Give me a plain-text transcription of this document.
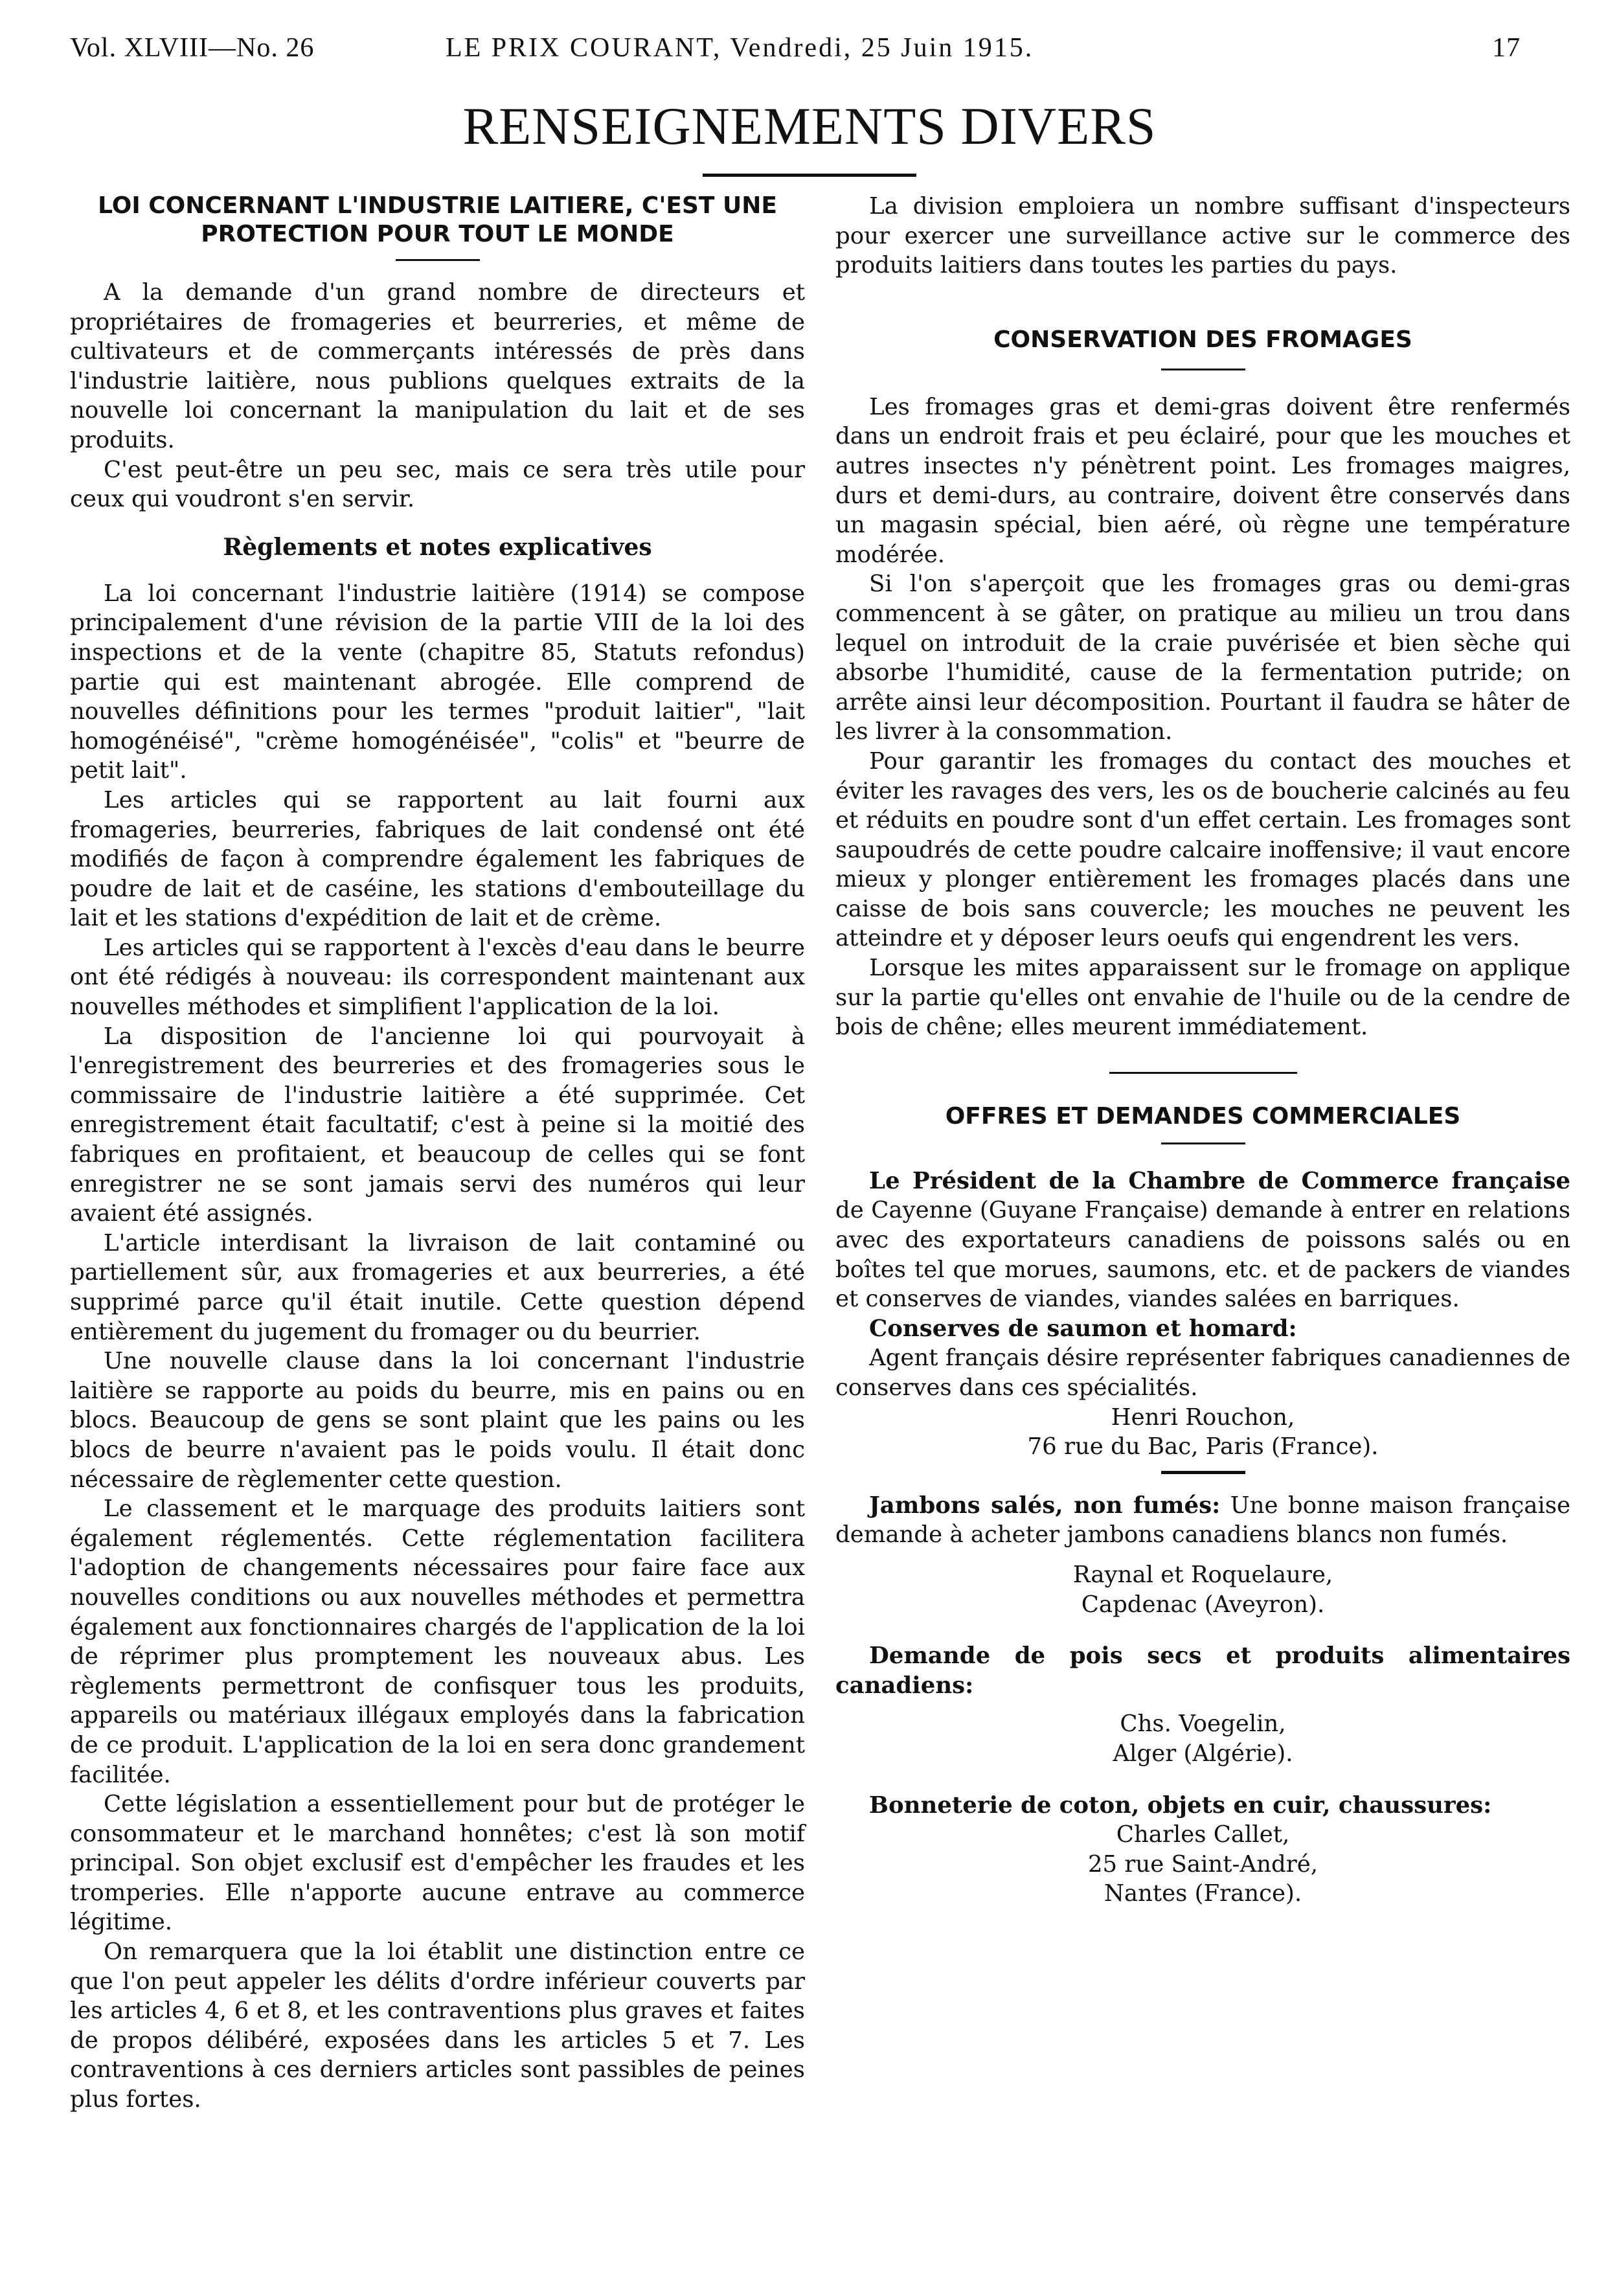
Vol. XLVIII—No. 26	LE PRIX COURANT, Vendredi, 25 Juin 1915.	17
RENSEIGNEMENTS DIVERS
LOI CONCERNANT L'INDUSTRIE LAITIERE, C'EST UNE PROTECTION POUR TOUT LE MONDE

A la demande d'un grand nombre de directeurs et propriétaires de fromageries et beurreries, et même de cultivateurs et de commerçants intéressés de près dans l'industrie laitière, nous publions quelques extraits de la nouvelle loi concernant la manipulation du lait et de ses produits.

C'est peut-être un peu sec, mais ce sera très utile pour ceux qui voudront s'en servir.

Règlements et notes explicatives

La loi concernant l'industrie laitière (1914) se compose principalement d'une révision de la partie VIII de la loi des inspections et de la vente (chapitre 85, Statuts refondus) partie qui est maintenant abrogée. Elle comprend de nouvelles définitions pour les termes "produit laitier", "lait homogénéisé", "crème homogénéisée", "colis" et "beurre de petit lait".

Les articles qui se rapportent au lait fourni aux fromageries, beurreries, fabriques de lait condensé ont été modifiés de façon à comprendre également les fabriques de poudre de lait et de caséine, les stations d'embouteillage du lait et les stations d'expédition de lait et de crème.

Les articles qui se rapportent à l'excès d'eau dans le beurre ont été rédigés à nouveau: ils correspondent maintenant aux nouvelles méthodes et simplifient l'application de la loi.

La disposition de l'ancienne loi qui pourvoyait à l'enregistrement des beurreries et des fromageries sous le commissaire de l'industrie laitière a été supprimée. Cet enregistrement était facultatif; c'est à peine si la moitié des fabriques en profitaient, et beaucoup de celles qui se font enregistrer ne se sont jamais servi des numéros qui leur avaient été assignés.

L'article interdisant la livraison de lait contaminé ou partiellement sûr, aux fromageries et aux beurreries, a été supprimé parce qu'il était inutile. Cette question dépend entièrement du jugement du fromager ou du beurrier.

Une nouvelle clause dans la loi concernant l'industrie laitière se rapporte au poids du beurre, mis en pains ou en blocs. Beaucoup de gens se sont plaint que les pains ou les blocs de beurre n'avaient pas le poids voulu. Il était donc nécessaire de règlementer cette question.

Le classement et le marquage des produits laitiers sont également réglementés. Cette réglementation facilitera l'adoption de changements nécessaires pour faire face aux nouvelles conditions ou aux nouvelles méthodes et permettra également aux fonctionnaires chargés de l'application de la loi de réprimer plus promptement les nouveaux abus. Les règlements permettront de confisquer tous les produits, appareils ou matériaux illégaux employés dans la fabrication de ce produit. L'application de la loi en sera donc grandement facilitée.

Cette législation a essentiellement pour but de protéger le consommateur et le marchand honnêtes; c'est là son motif principal. Son objet exclusif est d'empêcher les fraudes et les tromperies. Elle n'apporte aucune entrave au commerce légitime.

On remarquera que la loi établit une distinction entre ce que l'on peut appeler les délits d'ordre inférieur couverts par les articles 4, 6 et 8, et les contraventions plus graves et faites de propos délibéré, exposées dans les articles 5 et 7. Les contraventions à ces derniers articles sont passibles de peines plus fortes.

La division emploiera un nombre suffisant d'inspecteurs pour exercer une surveillance active sur le commerce des produits laitiers dans toutes les parties du pays.

CONSERVATION DES FROMAGES

Les fromages gras et demi-gras doivent être renfermés dans un endroit frais et peu éclairé, pour que les mouches et autres insectes n'y pénètrent point. Les fromages maigres, durs et demi-durs, au contraire, doivent être conservés dans un magasin spécial, bien aéré, où règne une température modérée.

Si l'on s'aperçoit que les fromages gras ou demi-gras commencent à se gâter, on pratique au milieu un trou dans lequel on introduit de la craie puvérisée et bien sèche qui absorbe l'humidité, cause de la fermentation putride; on arrête ainsi leur décomposition. Pourtant il faudra se hâter de les livrer à la consommation.

Pour garantir les fromages du contact des mouches et éviter les ravages des vers, les os de boucherie calcinés au feu et réduits en poudre sont d'un effet certain. Les fromages sont saupoudrés de cette poudre calcaire inoffensive; il vaut encore mieux y plonger entièrement les fromages placés dans une caisse de bois sans couvercle; les mouches ne peuvent les atteindre et y déposer leurs oeufs qui engendrent les vers.

Lorsque les mites apparaissent sur le fromage on applique sur la partie qu'elles ont envahie de l'huile ou de la cendre de bois de chêne; elles meurent immédiatement.

OFFRES ET DEMANDES COMMERCIALES

Le Président de la Chambre de Commerce française de Cayenne (Guyane Française) demande à entrer en relations avec des exportateurs canadiens de poissons salés ou en boîtes tel que morues, saumons, etc. et de packers de viandes et conserves de viandes, viandes salées en barriques.

Conserves de saumon et homard:

Agent français désire représenter fabriques canadiennes de conserves dans ces spécialités.

Henri Rouchon,

76 rue du Bac, Paris (France).

Jambons salés, non fumés: Une bonne maison française demande à acheter jambons canadiens blancs non fumés.

Raynal et Roquelaure,

Capdenac (Aveyron).

Demande de pois secs et produits alimentaires canadiens:

Chs. Voegelin,

Alger (Algérie).

Bonneterie de coton, objets en cuir, chaussures:

Charles Callet,

25 rue Saint-André,

Nantes (France).
